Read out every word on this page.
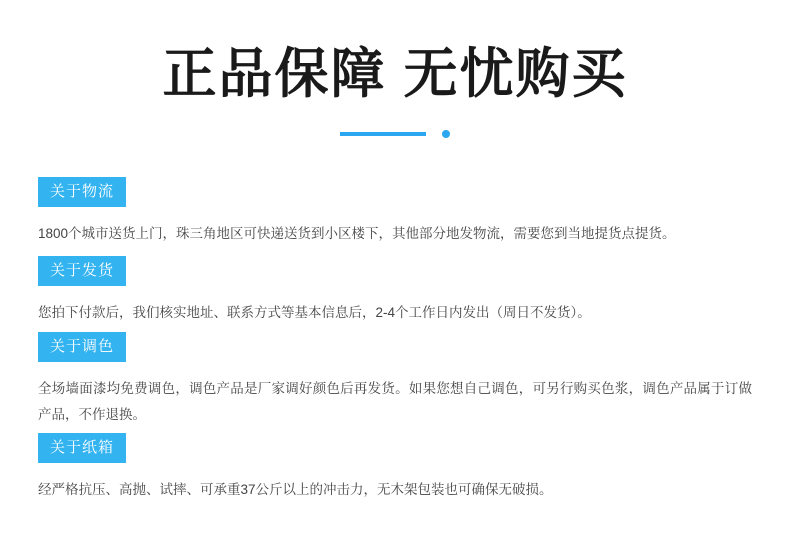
正品保障 无忧购买
关于物流
1800个城市送货上门，珠三角地区可快递送货到小区楼下，其他部分地发物流，需要您到当地提货点提货。
关于发货
您拍下付款后，我们核实地址、联系方式等基本信息后，2-4个工作日内发出（周日不发货）。
关于调色
全场墙面漆均免费调色，调色产品是厂家调好颜色后再发货。如果您想自己调色，可另行购买色浆，调色产品属于订做产品，不作退换。
关于纸箱
经严格抗压、高抛、试摔、可承重37公斤以上的冲击力，无木架包装也可确保无破损。
